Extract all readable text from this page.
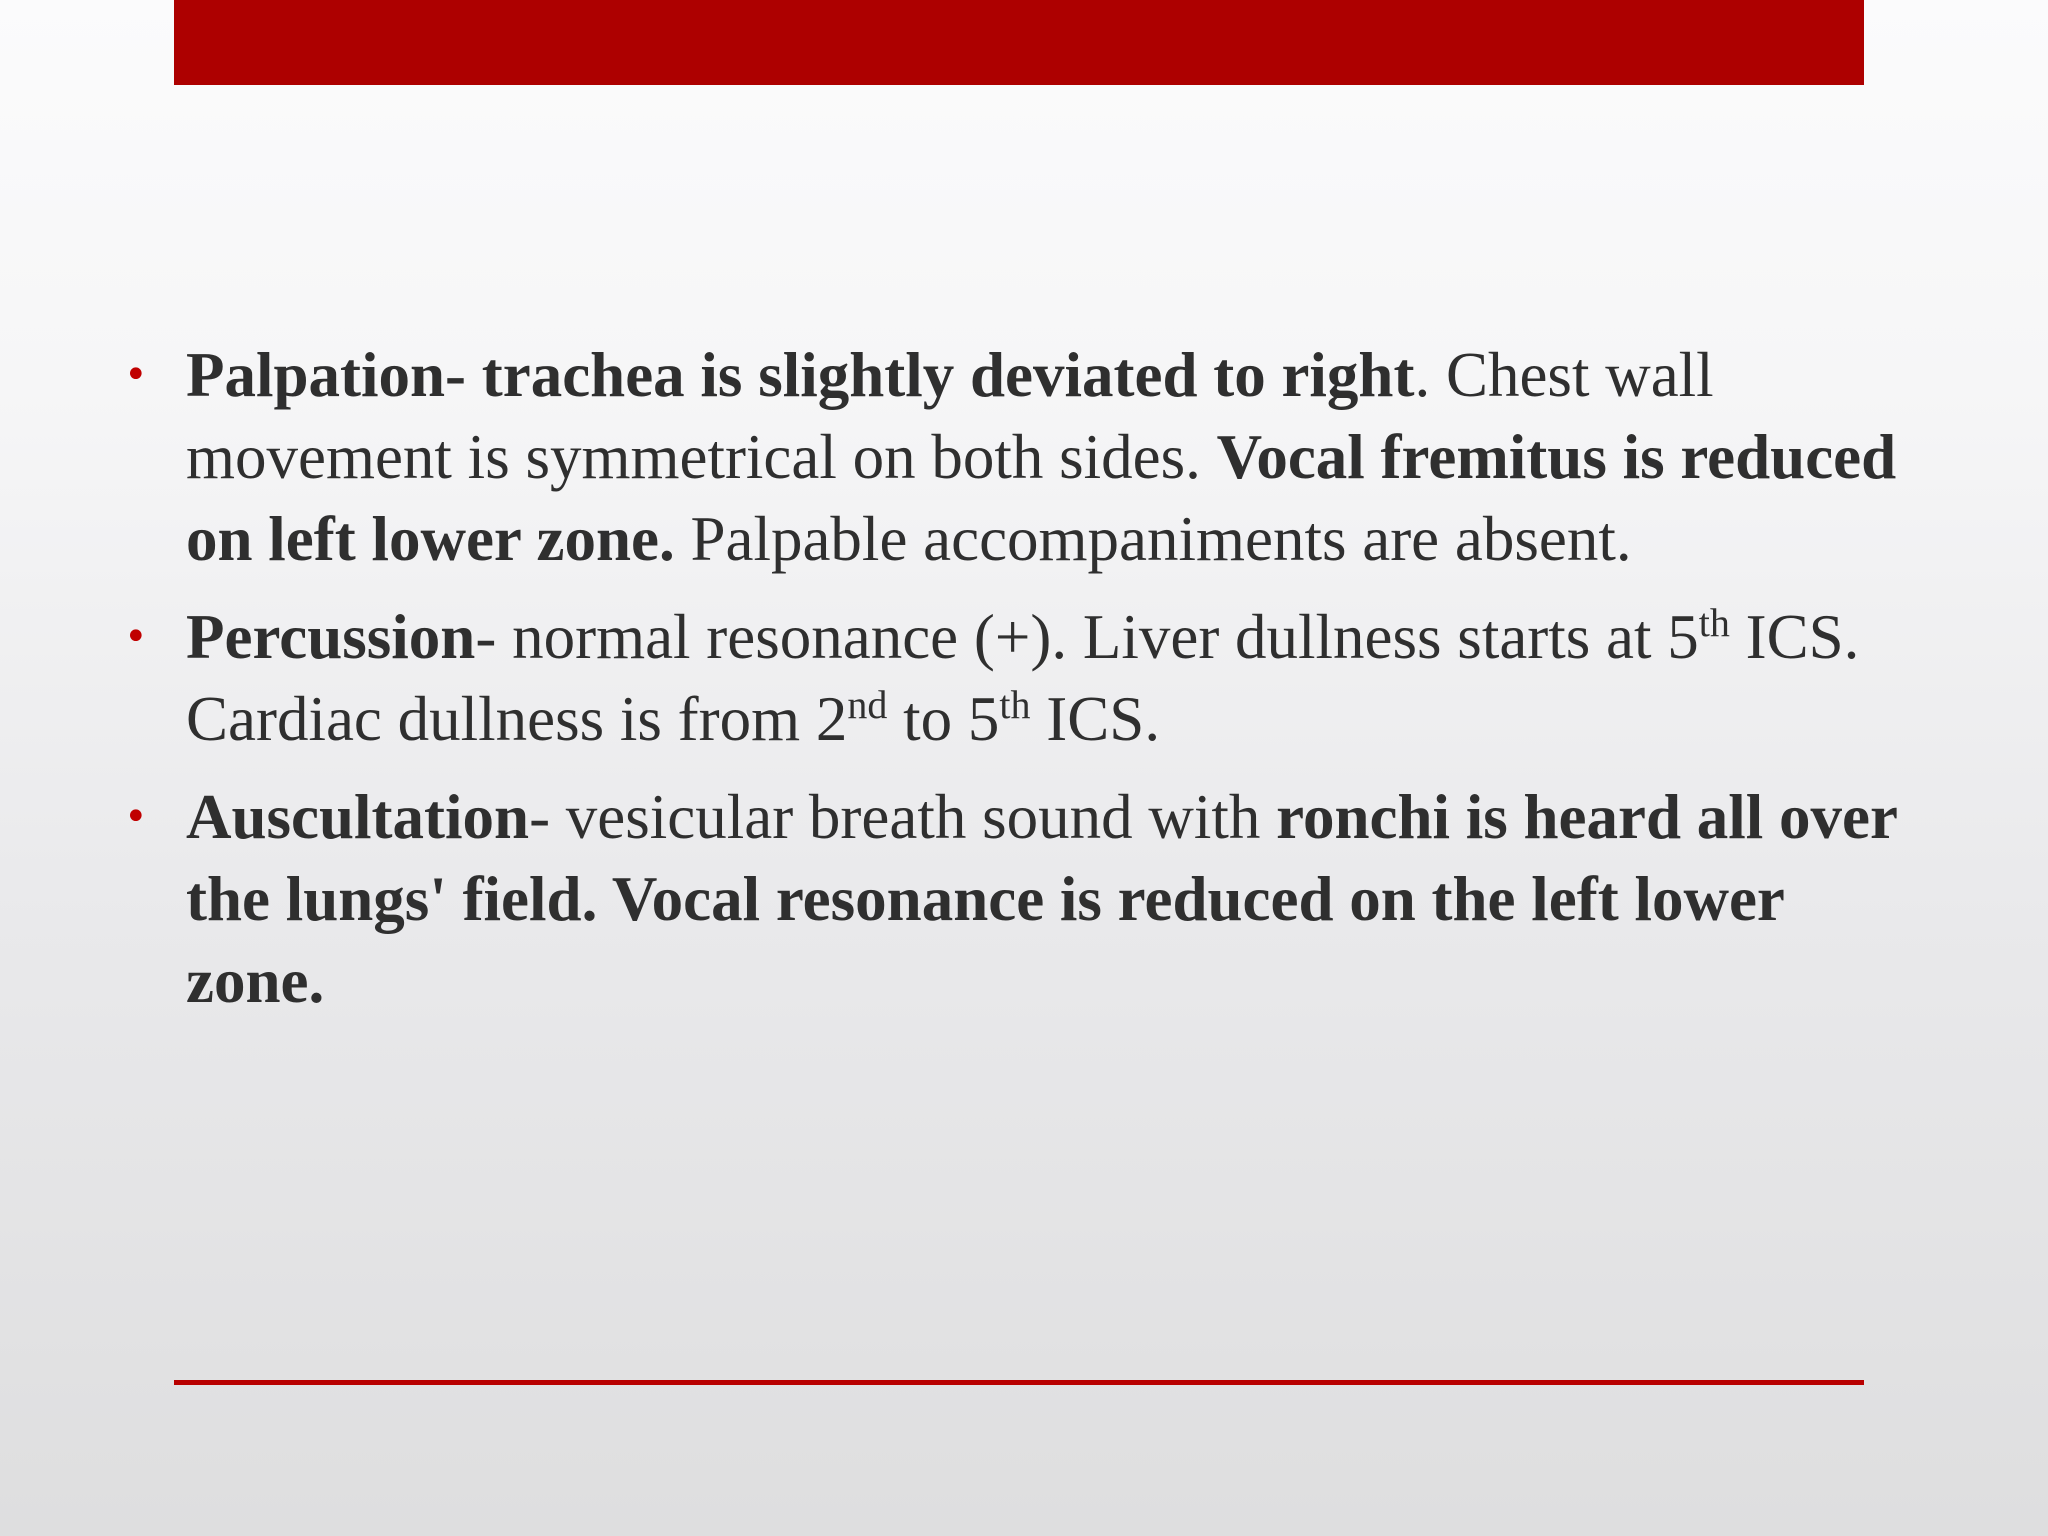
• Palpation- trachea is slightly deviated to right. Chest wall movement is symmetrical on both sides. Vocal fremitus is reduced on left lower zone. Palpable accompaniments are absent.
• Percussion- normal resonance (+). Liver dullness starts at 5th ICS. Cardiac dullness is from 2nd to 5th ICS.
• Auscultation- vesicular breath sound with ronchi is heard all over the lungs' field. Vocal resonance is reduced on the left lower zone.
